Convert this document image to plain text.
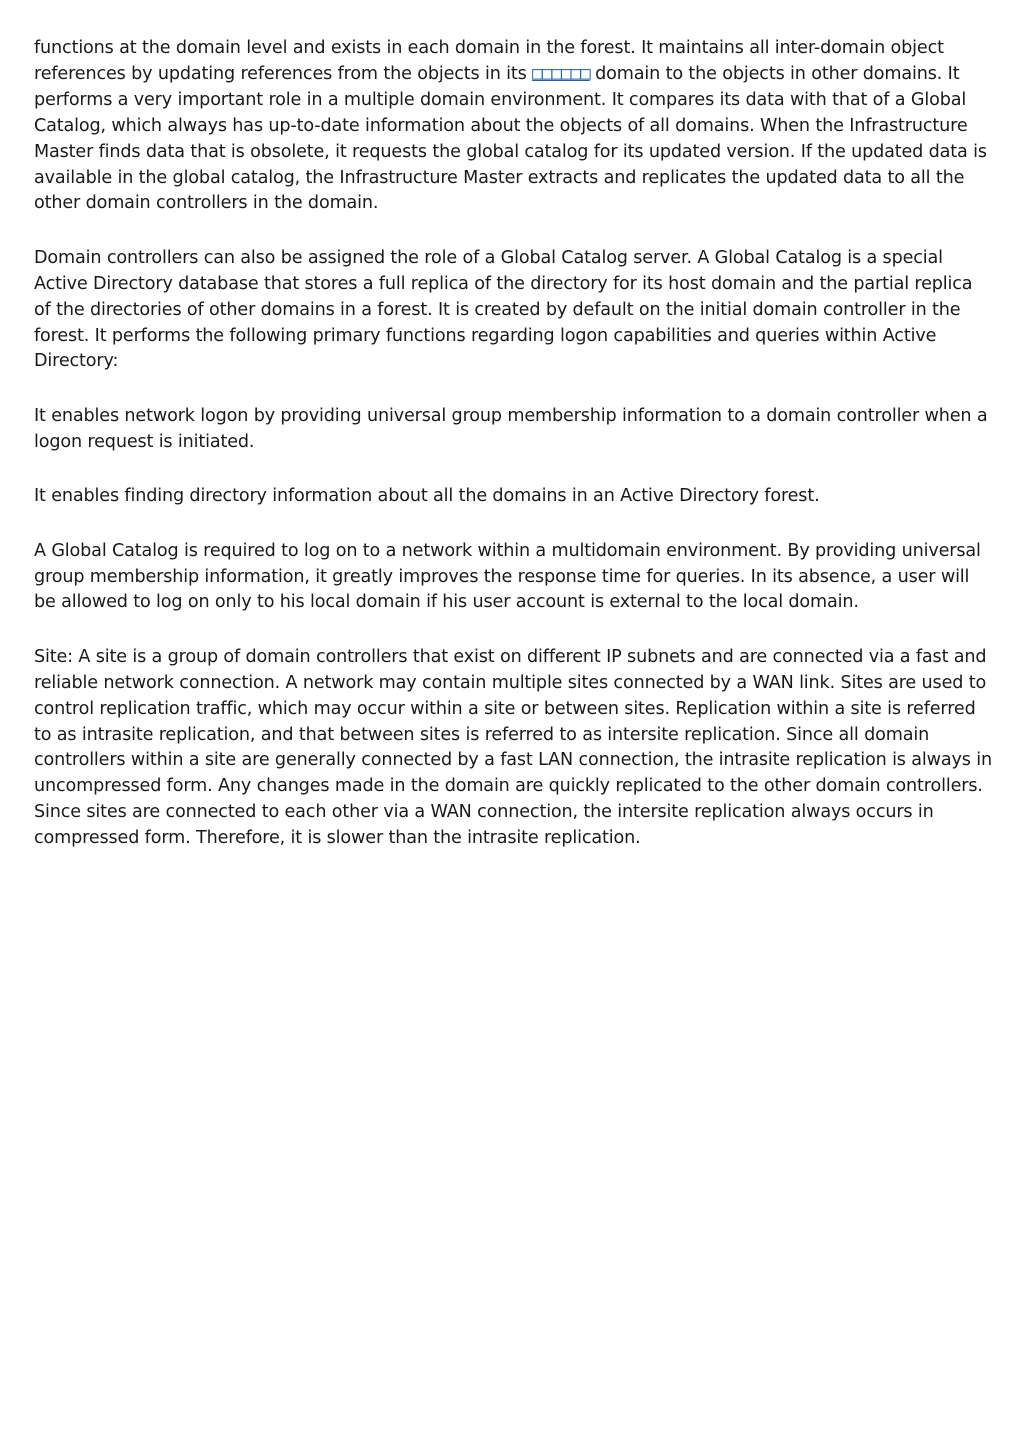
functions at the domain level and exists in each domain in the forest. It maintains all inter-domain object references by updating references from the objects in its □□□□□□ domain to the objects in other domains. It performs a very important role in a multiple domain environment. It compares its data with that of a Global Catalog, which always has up-to-date information about the objects of all domains. When the Infrastructure Master finds data that is obsolete, it requests the global catalog for its updated version. If the updated data is available in the global catalog, the Infrastructure Master extracts and replicates the updated data to all the other domain controllers in the domain.

Domain controllers can also be assigned the role of a Global Catalog server. A Global Catalog is a special Active Directory database that stores a full replica of the directory for its host domain and the partial replica of the directories of other domains in a forest. It is created by default on the initial domain controller in the forest. It performs the following primary functions regarding logon capabilities and queries within Active Directory:

It enables network logon by providing universal group membership information to a domain controller when a logon request is initiated.

It enables finding directory information about all the domains in an Active Directory forest.

A Global Catalog is required to log on to a network within a multidomain environment. By providing universal group membership information, it greatly improves the response time for queries. In its absence, a user will be allowed to log on only to his local domain if his user account is external to the local domain.

Site: A site is a group of domain controllers that exist on different IP subnets and are connected via a fast and reliable network connection. A network may contain multiple sites connected by a WAN link. Sites are used to control replication traffic, which may occur within a site or between sites. Replication within a site is referred to as intrasite replication, and that between sites is referred to as intersite replication. Since all domain controllers within a site are generally connected by a fast LAN connection, the intrasite replication is always in uncompressed form. Any changes made in the domain are quickly replicated to the other domain controllers. Since sites are connected to each other via a WAN connection, the intersite replication always occurs in compressed form. Therefore, it is slower than the intrasite replication.
